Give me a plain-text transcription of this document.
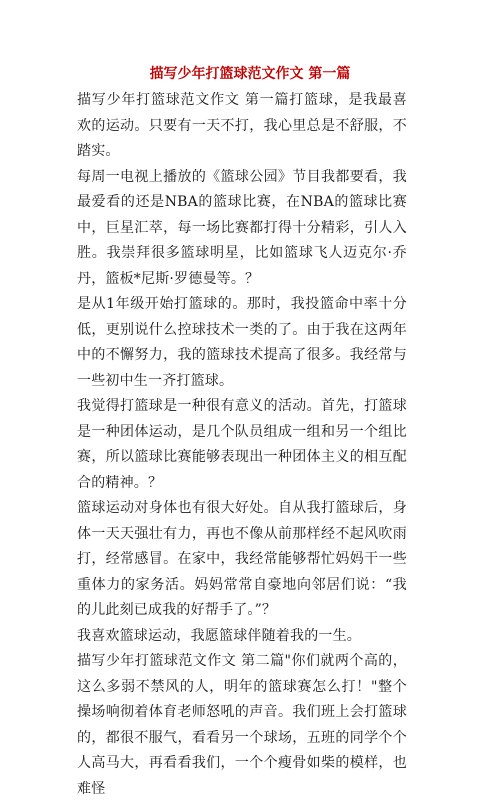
描写少年打篮球范文作文 第一篇

描写少年打篮球范文作文 第一篇打篮球，是我最喜欢的运动。只要有一天不打，我心里总是不舒服，不踏实。

每周一电视上播放的《篮球公园》节目我都要看，我最爱看的还是NBA的篮球比赛，在NBA的篮球比赛中，巨星汇萃，每一场比赛都打得十分精彩，引人入胜。我崇拜很多篮球明星，比如篮球飞人迈克尔·乔丹，篮板*尼斯·罗德曼等。？

是从1年级开始打篮球的。那时，我投篮命中率十分低，更别说什么控球技术一类的了。由于我在这两年中的不懈努力，我的篮球技术提高了很多。我经常与一些初中生一齐打篮球。

我觉得打篮球是一种很有意义的活动。首先，打篮球是一种团体运动，是几个队员组成一组和另一个组比赛，所以篮球比赛能够表现出一种团体主义的相互配合的精神。？

篮球运动对身体也有很大好处。自从我打篮球后，身体一天天强壮有力，再也不像从前那样经不起风吹雨打，经常感冒。在家中，我经常能够帮忙妈妈干一些重体力的家务活。妈妈常常自豪地向邻居们说：“我的儿此刻已成我的好帮手了。”？

我喜欢篮球运动，我愿篮球伴随着我的一生。

描写少年打篮球范文作文 第二篇"你们就两个高的，这么多弱不禁风的人，明年的篮球赛怎么打！"整个操场响彻着体育老师怒吼的声音。我们班上会打篮球的，都很不服气，看看另一个球场，五班的同学个个人高马大，再看看我们，一个个瘦骨如柴的模样，也难怪
